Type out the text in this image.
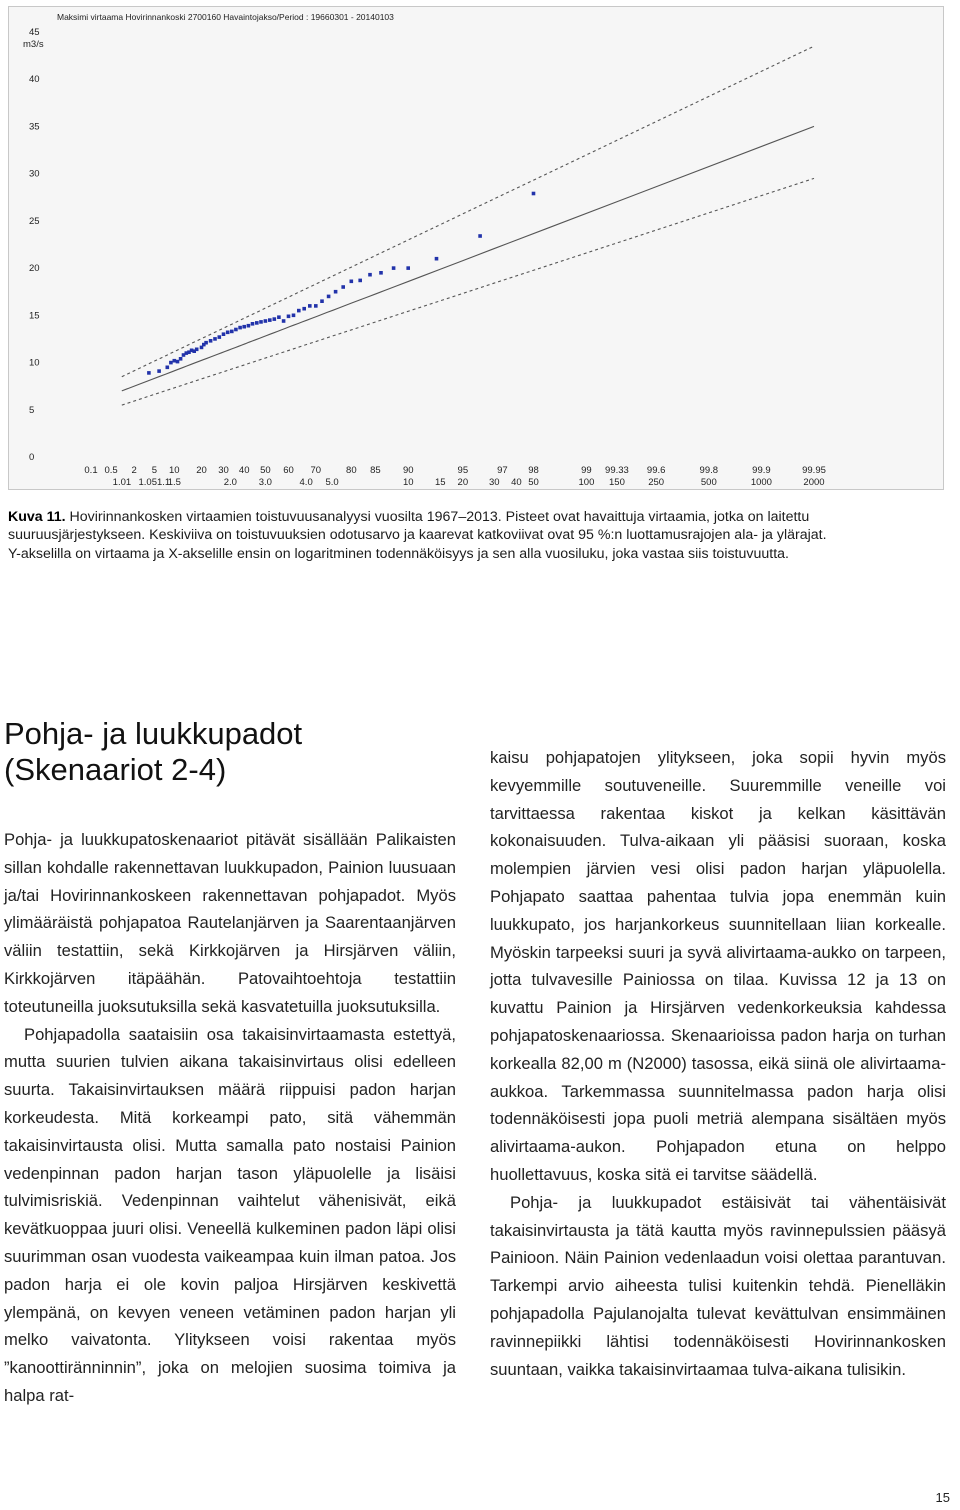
Maksimi virtaama Hovirinnankoski 2700160 Havaintojakso/Period : 19660301 - 20140103
m3/s
0
5
10
15
20
25
30
35
40
45
0.1 0.5 2 5 10 20 30 40 50 60 70	80 85 90	95	97 98	99 99.33 99.6	99.8	99.9	99.95
1.01 1.051.1
1.5	2.0 3.0	4.0 5.0	10 15 20 30 40 50	100 150 250	500	1000	2000
Kuva 11. Hovirinnankosken virtaamien toistuvuusanalyysi vuosilta 1967–2013. Pisteet ovat havaittuja virtaamia, jotka on laitettu
suuruusjärjestykseen. Keskiviiva on toistuvuuksien odotusarvo ja kaarevat katkoviivat ovat 95 %:n luottamusrajojen ala- ja ylärajat.
Y-akselilla on virtaama ja X-akselille ensin on logaritminen todennäköisyys ja sen alla vuosiluku, joka vastaa siis toistuvuutta.
Pohja- ja luukkupadot
(Skenaariot 2-4)

Pohja- ja luukkupatoskenaariot pitävät sisällään Palikaisten sillan kohdalle rakennettavan luukkupadon, Painion luusuaan ja/tai Hovirinnankoskeen rakennettavan pohjapadot. Myös ylimääräistä pohjapatoa Rautelanjärven ja Saarentaanjärven väliin testattiin, sekä Kirkkojärven ja Hirsjärven väliin, Kirkkojärven itäpäähän. Patovaihtoehtoja testattiin toteutuneilla juoksutuksilla sekä kasvatetuilla juoksutuksilla.

Pohjapadolla saataisiin osa takaisinvirtaamasta estettyä, mutta suurien tulvien aikana takaisinvirtaus olisi edelleen suurta. Takaisinvirtauksen määrä riippuisi padon harjan korkeudesta. Mitä korkeampi pato, sitä vähemmän takaisinvirtausta olisi. Mutta samalla pato nostaisi Painion vedenpinnan padon harjan tason yläpuolelle ja lisäisi tulvimisriskiä. Vedenpinnan vaihtelut vähenisivät, eikä kevätkuoppaa juuri olisi. Veneellä kulkeminen padon läpi olisi suurimman osan vuodesta vaikeampaa kuin ilman patoa. Jos padon harja ei ole kovin paljoa Hirsjärven keskivettä ylempänä, on kevyen veneen vetäminen padon harjan yli melko vaivatonta. Ylitykseen voisi rakentaa myös ”kanoottiränninnin”, joka on melojien suosima toimiva ja halpa rat-

kaisu pohjapatojen ylitykseen, joka sopii hyvin myös kevyemmille soutuveneille. Suuremmille veneille voi tarvittaessa rakentaa kiskot ja kelkan käsittävän kokonaisuuden. Tulva-aikaan yli pääsisi suoraan, koska molempien järvien vesi olisi padon harjan yläpuolella. Pohjapato saattaa pahentaa tulvia jopa enemmän kuin luukkupato, jos harjankorkeus suunnitellaan liian korkealle. Myöskin tarpeeksi suuri ja syvä alivirtaama-aukko on tarpeen, jotta tulvavesille Painiossa on tilaa. Kuvissa 12 ja 13 on kuvattu Painion ja Hirsjärven vedenkorkeuksia kahdessa pohjapatoskenaariossa. Skenaarioissa padon harja on turhan korkealla 82,00 m (N2000) tasossa, eikä siinä ole alivirtaama-aukkoa. Tarkemmassa suunnitelmassa padon harja olisi todennäköisesti jopa puoli metriä alempana sisältäen myös alivirtaama-aukon. Pohjapadon etuna on helppo huollettavuus, koska sitä ei tarvitse säädellä.

Pohja- ja luukkupadot estäisivät tai vähentäisivät takaisinvirtausta ja tätä kautta myös ravinnepulssien pääsyä Painioon. Näin Painion vedenlaadun voisi olettaa parantuvan. Tarkempi arvio aiheesta tulisi kuitenkin tehdä. Pienelläkin pohjapadolla Pajulanojalta tulevat kevättulvan ensimmäinen ravinnepiikki lähtisi todennäköisesti Hovirinnankosken suuntaan, vaikka takaisinvirtaamaa tulva-aikana tulisikin.

15
